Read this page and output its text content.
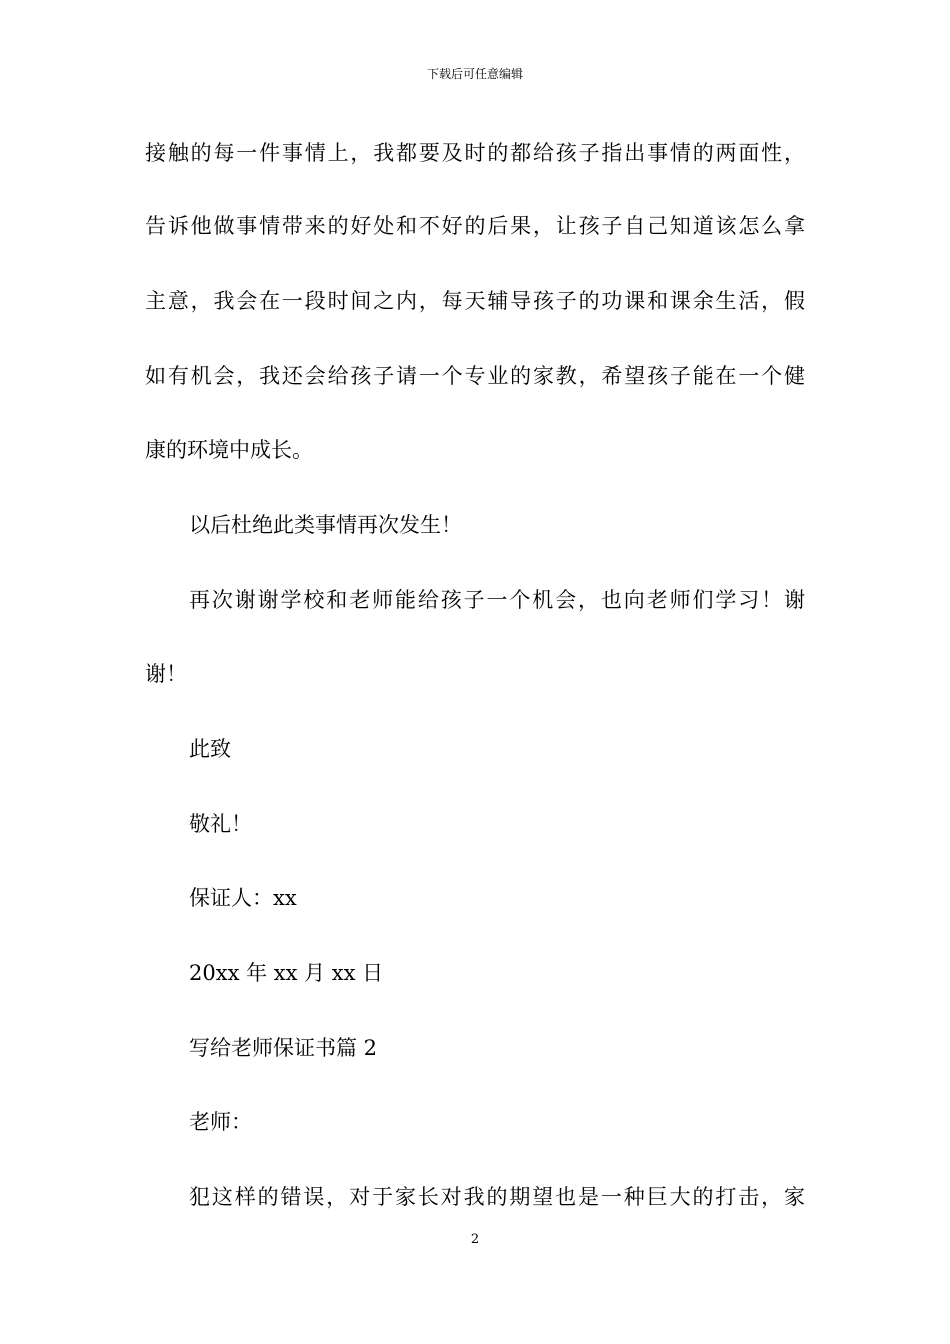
下载后可任意编辑
接触的每一件事情上，我都要及时的都给孩子指出事情的两面性，
告诉他做事情带来的好处和不好的后果，让孩子自己知道该怎么拿
主意，我会在一段时间之内，每天辅导孩子的功课和课余生活，假
如有机会，我还会给孩子请一个专业的家教，希望孩子能在一个健
康的环境中成长。
以后杜绝此类事情再次发生！
再次谢谢学校和老师能给孩子一个机会，也向老师们学习！谢
谢！
此致
敬礼！
保证人：xx
20xx 年 xx 月 xx 日
写给老师保证书篇 2
老师：
犯这样的错误，对于家长对我的期望也是一种巨大的打击，家
2
